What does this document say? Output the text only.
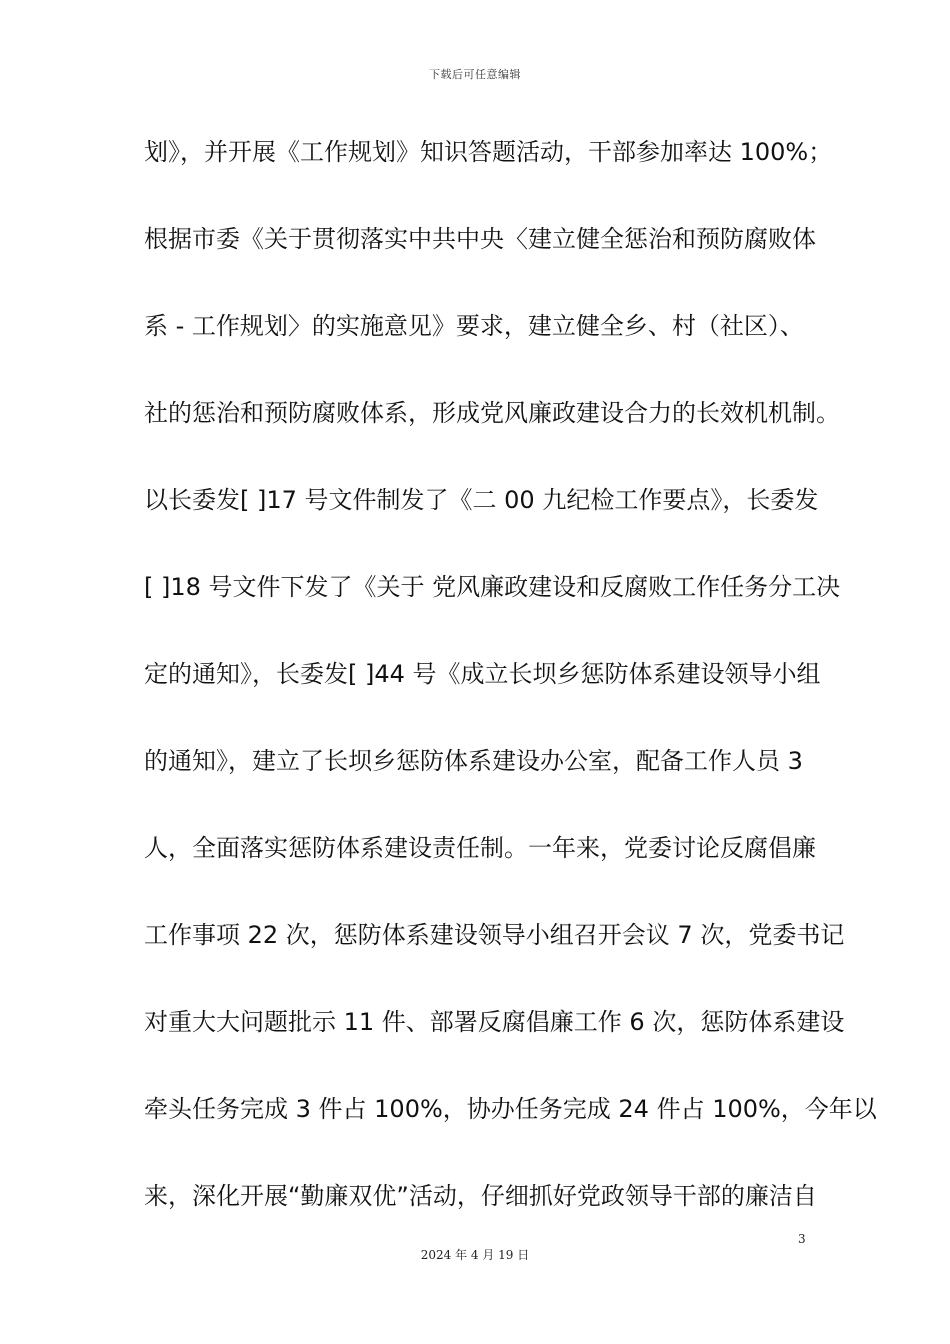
下载后可任意编辑
划》，并开展《工作规划》知识答题活动，干部参加率达 100%；
根据市委《关于贯彻落实中共中央〈建立健全惩治和预防腐败体
系 - 工作规划〉的实施意见》要求，建立健全乡、村（社区）、
社的惩治和预防腐败体系，形成党风廉政建设合力的长效机机制。
以长委发[ ]17 号文件制发了《二 00 九纪检工作要点》，长委发
[ ]18 号文件下发了《关于 党风廉政建设和反腐败工作任务分工决
定的通知》，长委发[ ]44 号《成立长坝乡惩防体系建设领导小组
的通知》，建立了长坝乡惩防体系建设办公室，配备工作人员 3
人，全面落实惩防体系建设责任制。一年来，党委讨论反腐倡廉
工作事项 22 次，惩防体系建设领导小组召开会议 7 次，党委书记
对重大大问题批示 11 件、部署反腐倡廉工作 6 次，惩防体系建设
牵头任务完成 3 件占 100%，协办任务完成 24 件占 100%，今年以
来，深化开展“勤廉双优”活动，仔细抓好党政领导干部的廉洁自
3
2024 年 4 月 19 日
